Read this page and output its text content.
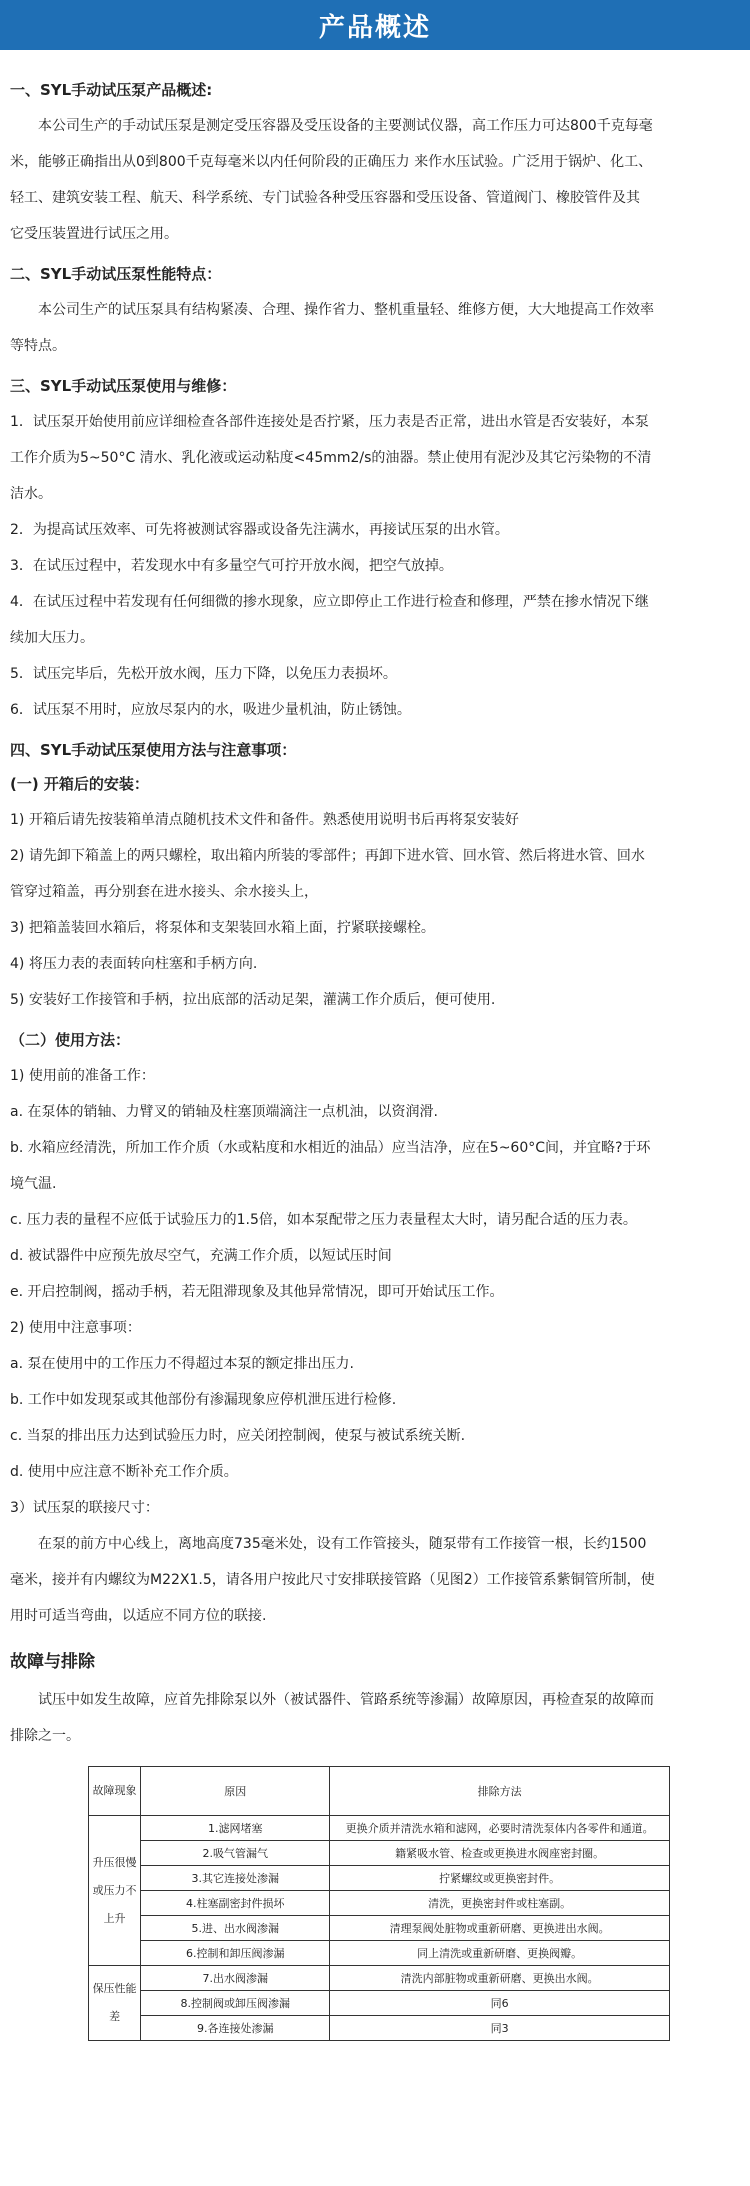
产品概述
一、SYL手动试压泵产品概述:

本公司生产的手动试压泵是测定受压容器及受压设备的主要测试仪器，高工作压力可达800千克每毫

米，能够正确指出从0到800千克每毫米以内任何阶段的正确压力 来作水压试验。广泛用于锅炉、化工、

轻工、建筑安装工程、航天、科学系统、专门试验各种受压容器和受压设备、管道阀门、橡胶管件及其

它受压装置进行试压之用。

二、SYL手动试压泵性能特点：

本公司生产的试压泵具有结构紧凑、合理、操作省力、整机重量轻、维修方便，大大地提高工作效率

等特点。

三、SYL手动试压泵使用与维修：

1．试压泵开始使用前应详细检查各部件连接处是否拧紧，压力表是否正常，进出水管是否安装好，本泵

工作介质为5~50°C 清水、乳化液或运动粘度<45mm2/s的油器。禁止使用有泥沙及其它污染物的不清

洁水。

2．为提高试压效率、可先将被测试容器或设备先注满水，再接试压泵的出水管。

3．在试压过程中，若发现水中有多量空气可拧开放水阀，把空气放掉。

4．在试压过程中若发现有任何细微的掺水现象，应立即停止工作进行检查和修理，严禁在掺水情况下继

续加大压力。

5．试压完毕后，先松开放水阀，压力下降，以免压力表损坏。

6．试压泵不用时，应放尽泵内的水，吸进少量机油，防止锈蚀。

四、SYL手动试压泵使用方法与注意事项：
(一) 开箱后的安装：

1) 开箱后请先按装箱单清点随机技术文件和备件。熟悉使用说明书后再将泵安装好

2) 请先卸下箱盖上的两只螺栓，取出箱内所装的零部件；再卸下进水管、回水管、然后将进水管、回水

管穿过箱盖，再分别套在进水接头、余水接头上，

3) 把箱盖装回水箱后，将泵体和支架装回水箱上面，拧紧联接螺栓。

4) 将压力表的表面转向柱塞和手柄方向.

5) 安装好工作接管和手柄，拉出底部的活动足架，灌满工作介质后，便可使用.

（二）使用方法：

1) 使用前的准备工作：

a. 在泵体的销轴、力臂叉的销轴及柱塞顶端滴注一点机油，以资润滑.

b. 水箱应经清洗，所加工作介质（水或粘度和水相近的油品）应当洁净，应在5~60°C间，并宜略?于环

境气温.

c. 压力表的量程不应低于试验压力的1.5倍，如本泵配带之压力表量程太大时，请另配合适的压力表。

d. 被试器件中应预先放尽空气，充满工作介质，以短试压时间

e. 开启控制阀，摇动手柄，若无阻滞现象及其他异常情况，即可开始试压工作。

2) 使用中注意事项：

a. 泵在使用中的工作压力不得超过本泵的额定排出压力.

b. 工作中如发现泵或其他部份有渗漏现象应停机泄压进行检修.

c. 当泵的排出压力达到试验压力时，应关闭控制阀，使泵与被试系统关断.

d. 使用中应注意不断补充工作介质。

3）试压泵的联接尺寸：

在泵的前方中心线上，离地高度735毫米处，设有工作管接头，随泵带有工作接管一根，长约1500

毫米，接并有内螺纹为M22X1.5，请各用户按此尺寸安排联接管路（见图2）工作接管系紫铜管所制，使

用时可适当弯曲，以适应不同方位的联接.

故障与排除

试压中如发生故障，应首先排除泵以外（被试器件、管路系统等渗漏）故障原因，再检查泵的故障而

排除之一。

故障现象	原因	排除方法
升压很慢或压力不上升	1.滤网堵塞	更换介质并清洗水箱和滤网，必要时清洗泵体内各零件和通道。
	2.吸气管漏气	籍紧吸水管、检查或更换进水阀座密封圈。
	3.其它连接处渗漏	拧紧螺纹或更换密封件。
	4.柱塞副密封件损坏	清洗，更换密封件或柱塞副。
	5.进、出水阀渗漏	清理泵阀处脏物或重新研磨、更换进出水阀。
	6.控制和卸压阀渗漏	同上清洗或重新研磨、更换阀瓣。
保压性能差	7.出水阀渗漏	清洗内部脏物或重新研磨、更换出水阀。
	8.控制阀或卸压阀渗漏	同6
	9.各连接处渗漏	同3
